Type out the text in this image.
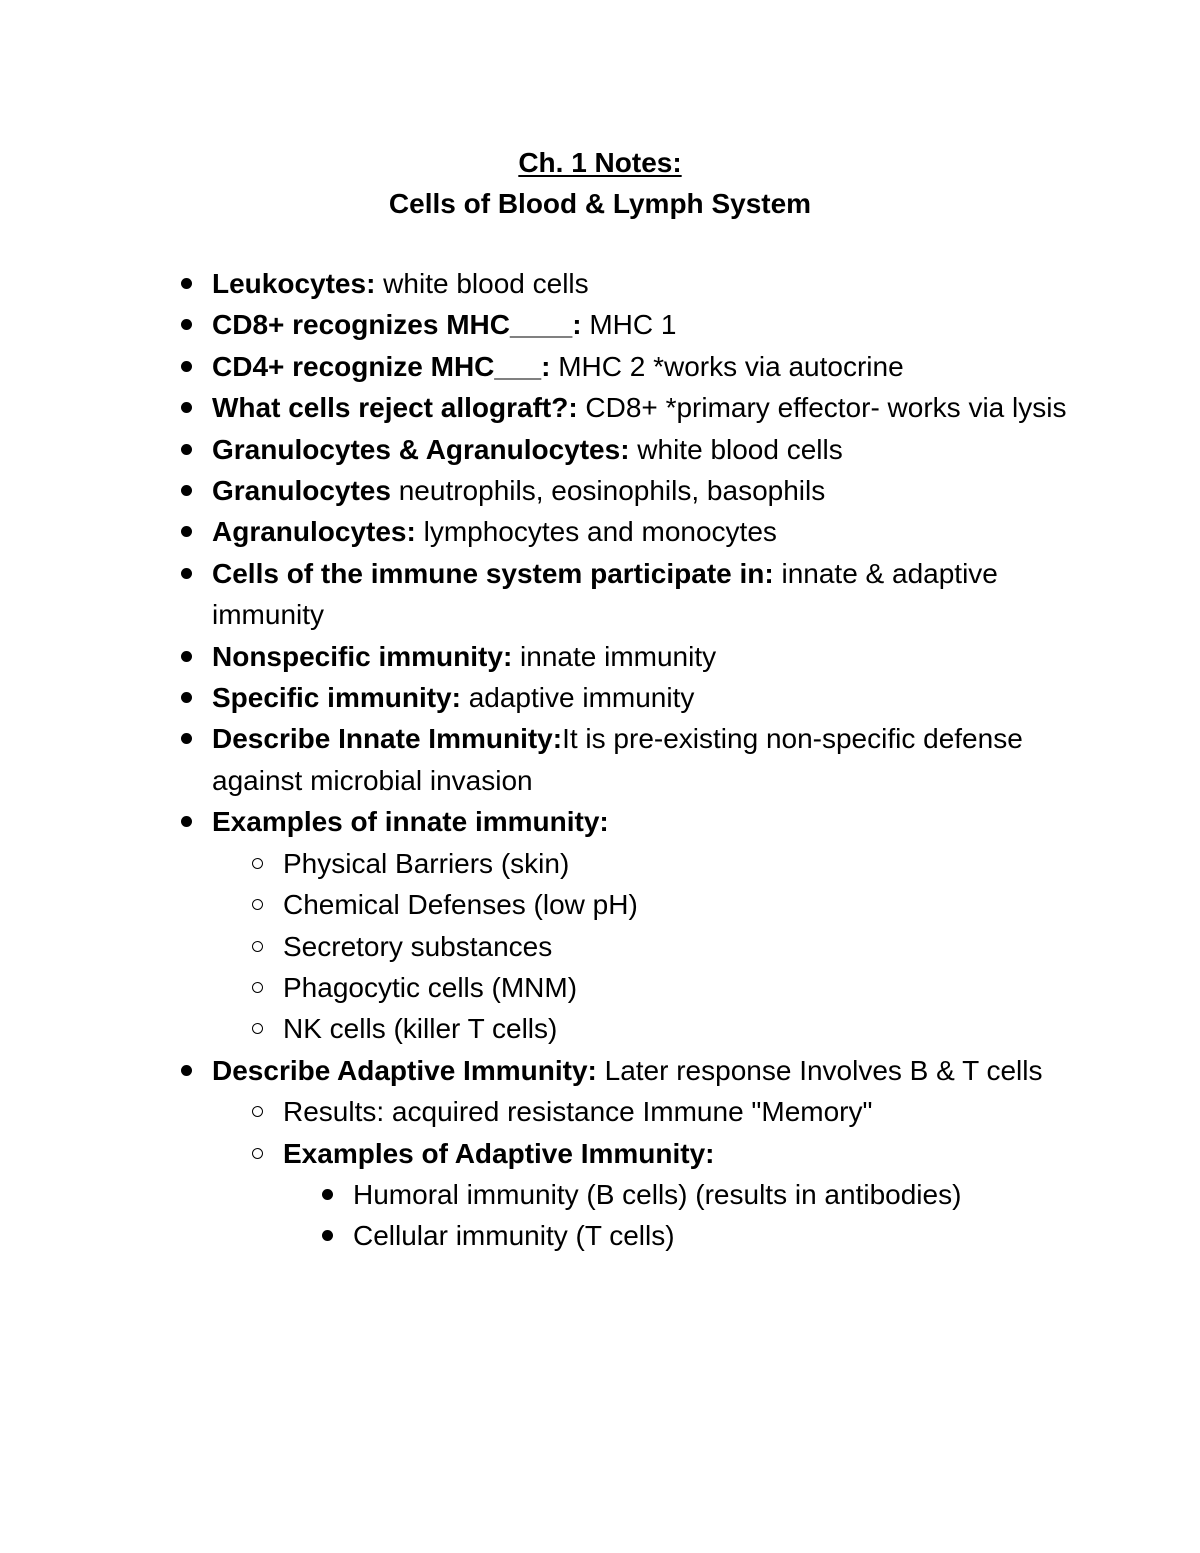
Ch. 1 Notes:
Cells of Blood & Lymph System
Leukocytes: white blood cells
CD8+ recognizes MHC____: MHC 1
CD4+ recognize MHC___: MHC 2 *works via autocrine
What cells reject allograft?: CD8+ *primary effector- works via lysis
Granulocytes & Agranulocytes: white blood cells
Granulocytes neutrophils, eosinophils, basophils
Agranulocytes: lymphocytes and monocytes
Cells of the immune system participate in: innate & adaptive immunity
Nonspecific immunity: innate immunity
Specific immunity: adaptive immunity
Describe Innate Immunity:It is pre-existing non-specific defense against microbial invasion
Examples of innate immunity:
Physical Barriers (skin)
Chemical Defenses (low pH)
Secretory substances
Phagocytic cells (MNM)
NK cells (killer T cells)
Describe Adaptive Immunity: Later response Involves B & T cells
Results: acquired resistance Immune "Memory"
Examples of Adaptive Immunity:
Humoral immunity (B cells) (results in antibodies)
Cellular immunity (T cells)
